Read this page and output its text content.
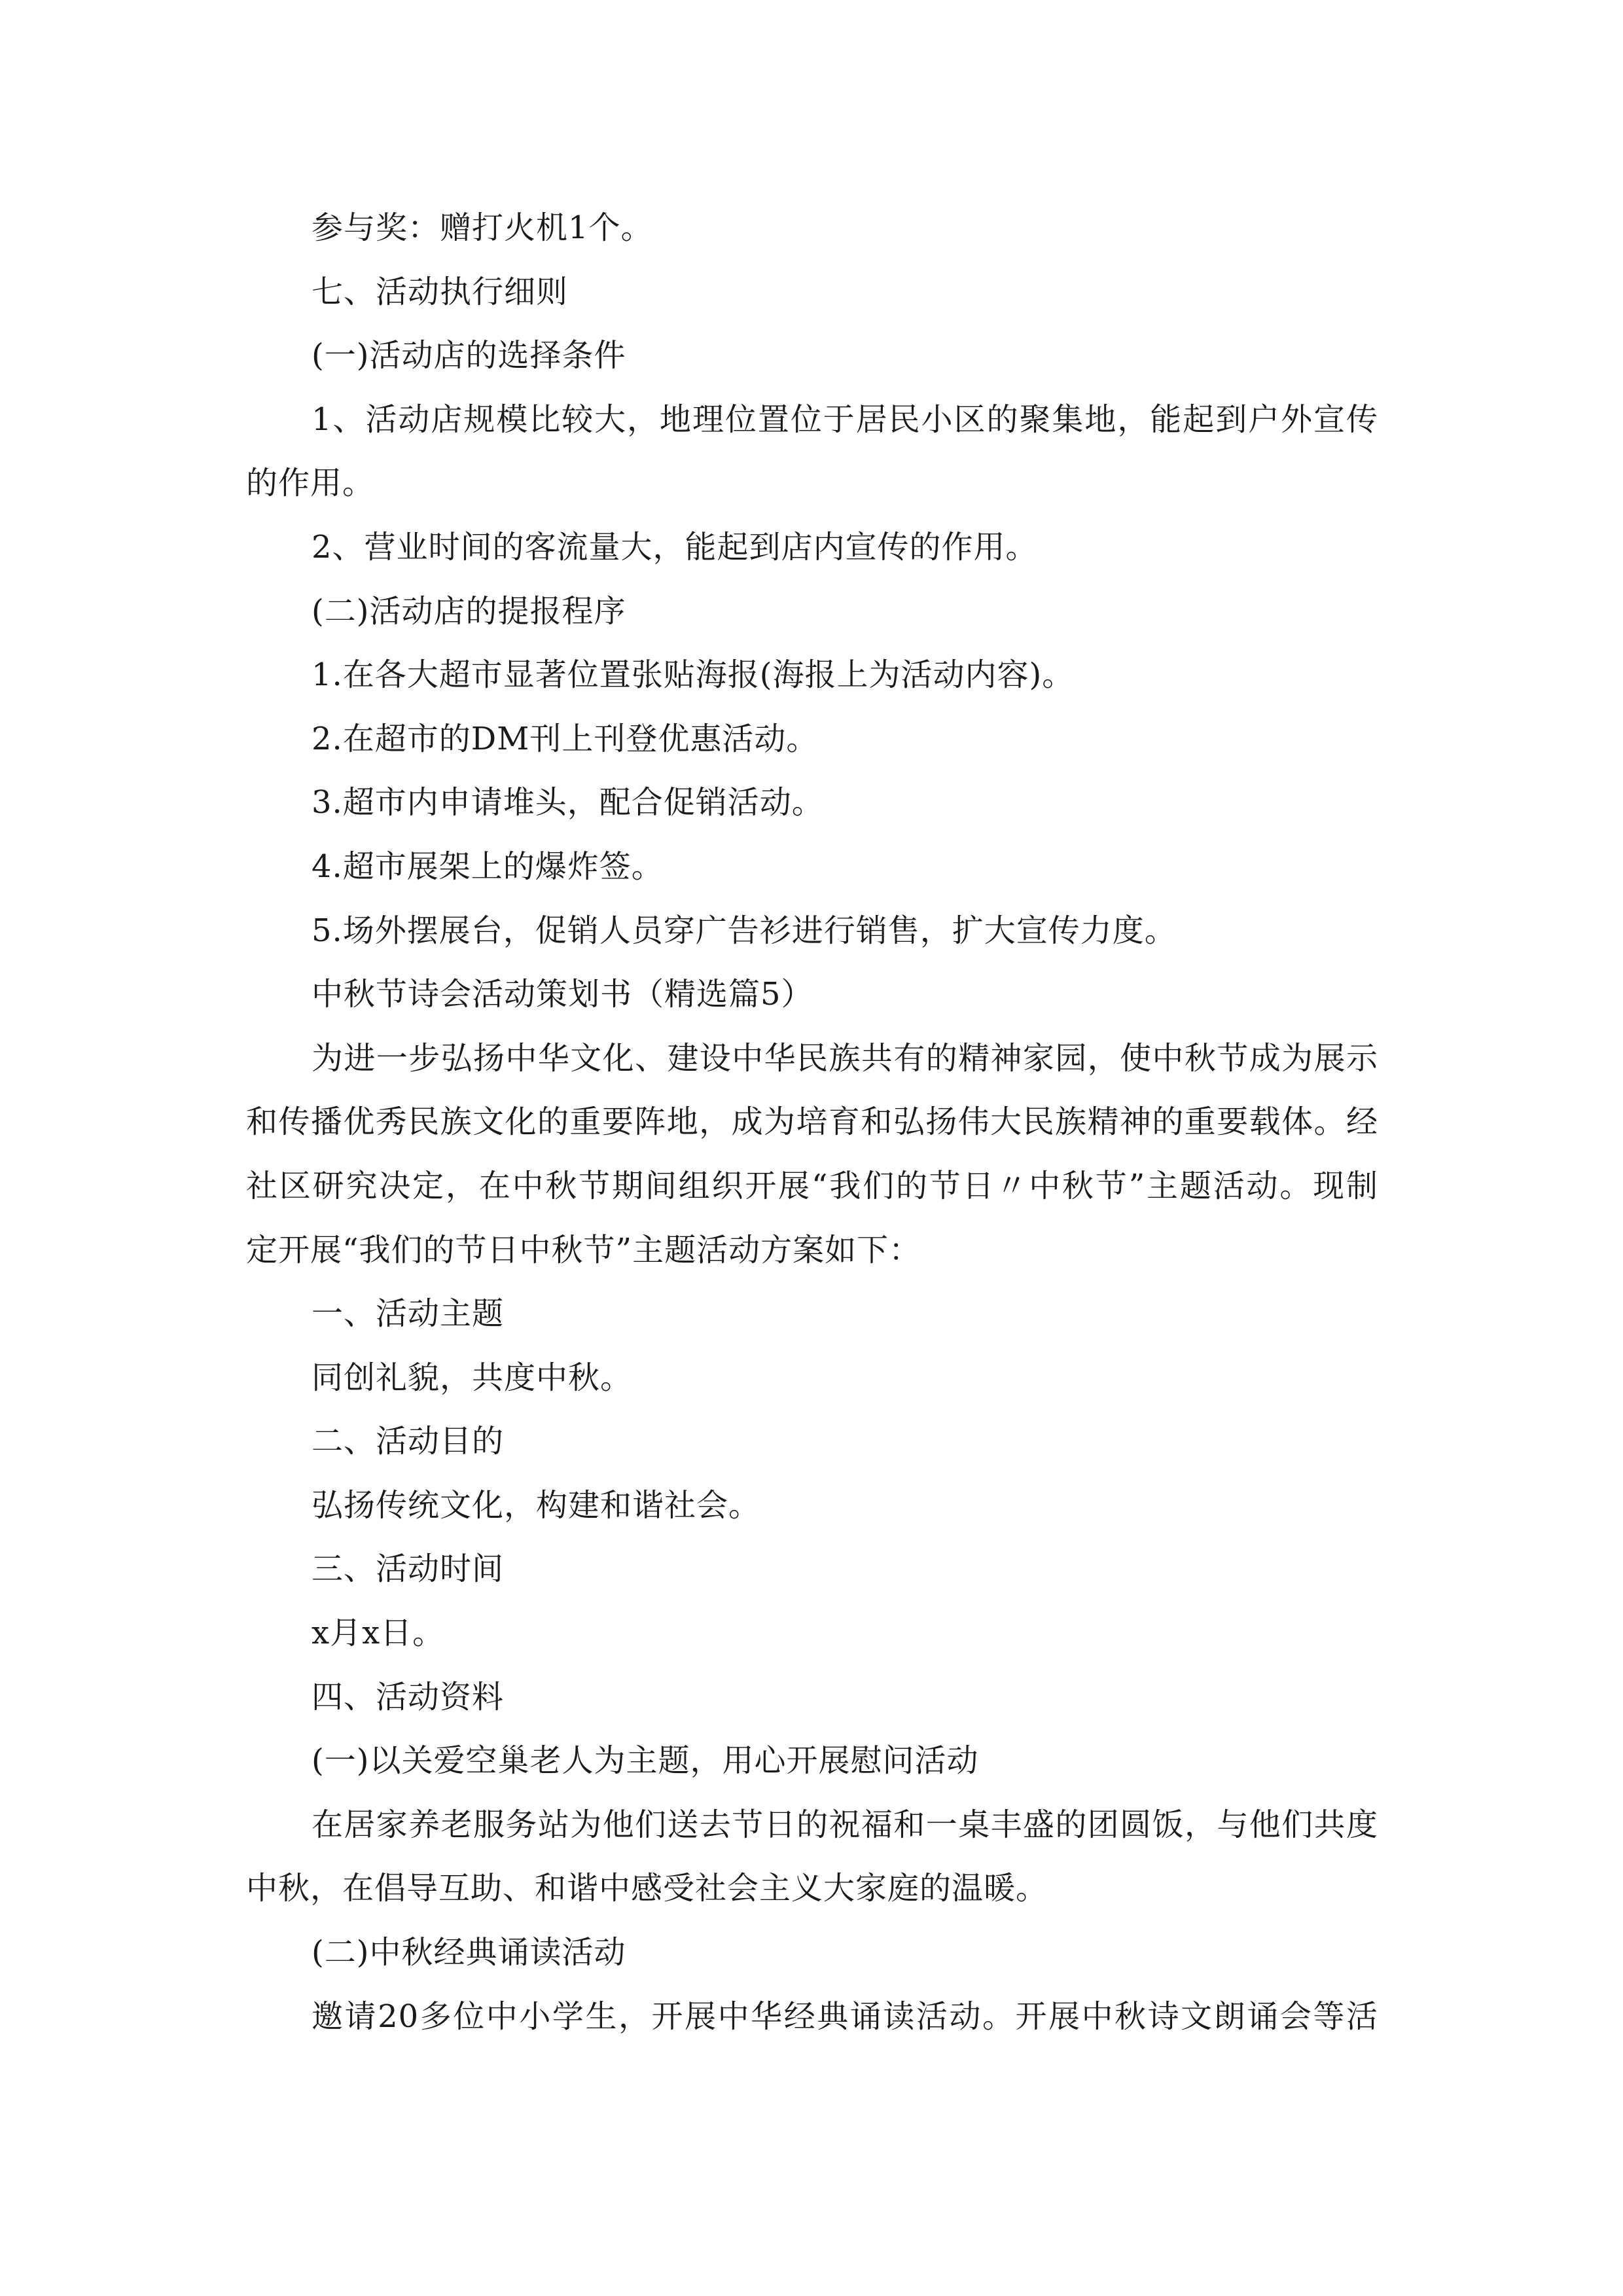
参与奖：赠打火机1个。
七、活动执行细则
(一)活动店的选择条件
1、活动店规模比较大，地理位置位于居民小区的聚集地，能起到户外宣传
的作用。
2、营业时间的客流量大，能起到店内宣传的作用。
(二)活动店的提报程序
1.在各大超市显著位置张贴海报(海报上为活动内容)。
2.在超市的DM刊上刊登优惠活动。
3.超市内申请堆头，配合促销活动。
4.超市展架上的爆炸签。
5.场外摆展台，促销人员穿广告衫进行销售，扩大宣传力度。
中秋节诗会活动策划书（精选篇5）
为进一步弘扬中华文化、建设中华民族共有的精神家园，使中秋节成为展示
和传播优秀民族文化的重要阵地，成为培育和弘扬伟大民族精神的重要载体。经
社区研究决定，在中秋节期间组织开展“我们的节日〃中秋节”主题活动。现制
定开展“我们的节日中秋节”主题活动方案如下：
一、活动主题
同创礼貌，共度中秋。
二、活动目的
弘扬传统文化，构建和谐社会。
三、活动时间
x月x日。
四、活动资料
(一)以关爱空巢老人为主题，用心开展慰问活动
在居家养老服务站为他们送去节日的祝福和一桌丰盛的团圆饭，与他们共度
中秋，在倡导互助、和谐中感受社会主义大家庭的温暖。
(二)中秋经典诵读活动
邀请20多位中小学生，开展中华经典诵读活动。开展中秋诗文朗诵会等活
